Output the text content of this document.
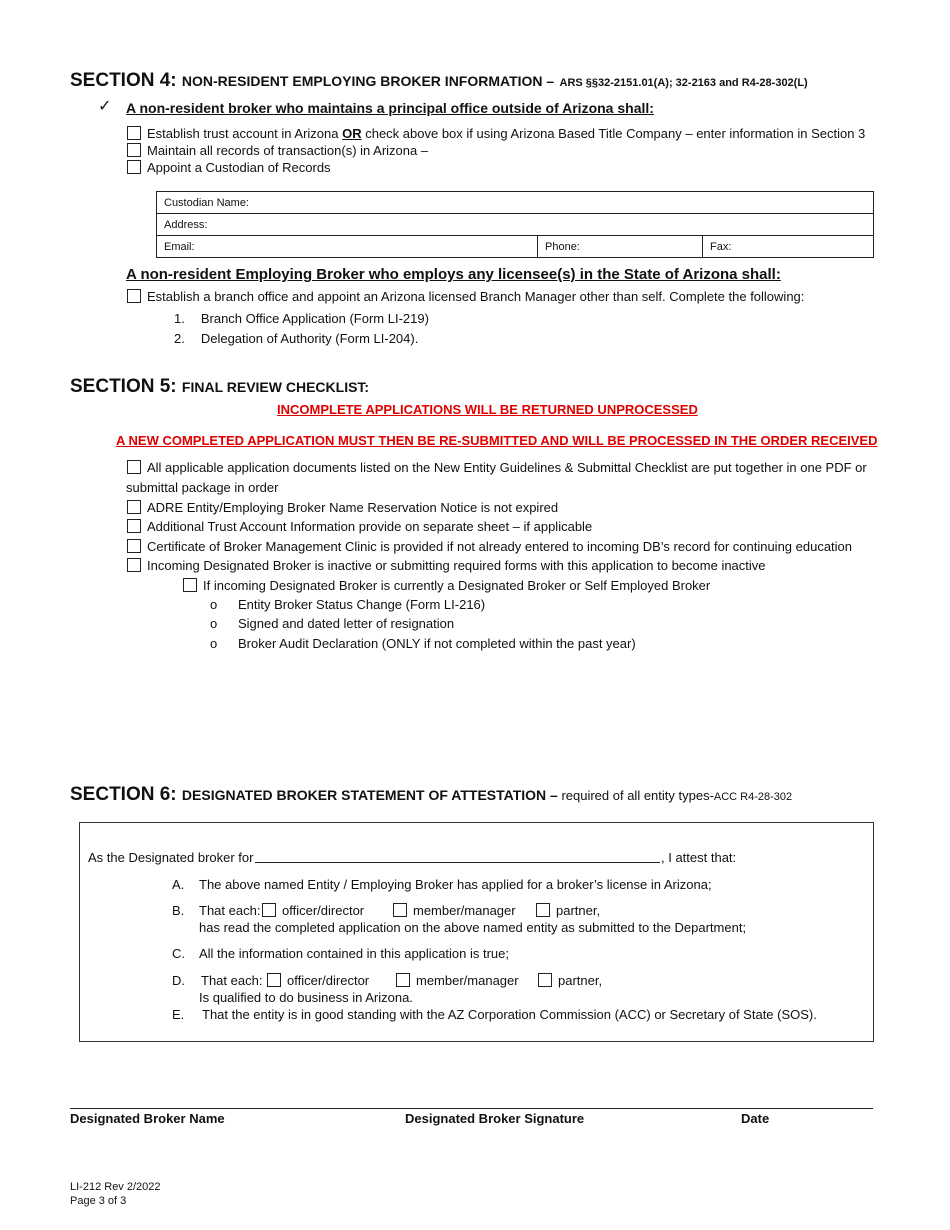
SECTION 4: NON-RESIDENT EMPLOYING BROKER INFORMATION – ARS §§32-2151.01(A); 32-2163 and R4-28-302(L)
✓ A non-resident broker who maintains a principal office outside of Arizona shall:
Establish trust account in Arizona OR check above box if using Arizona Based Title Company – enter information in Section 3
Maintain all records of transaction(s) in Arizona –
Appoint a Custodian of Records
Custodian Name:
Address:
Email:	Phone:	Fax:
A non-resident Employing Broker who employs any licensee(s) in the State of Arizona shall:
Establish a branch office and appoint an Arizona licensed Branch Manager other than self. Complete the following:
1. Branch Office Application (Form LI-219)
2. Delegation of Authority (Form LI-204).
SECTION 5: FINAL REVIEW CHECKLIST:
INCOMPLETE APPLICATIONS WILL BE RETURNED UNPROCESSED
A NEW COMPLETED APPLICATION MUST THEN BE RE-SUBMITTED AND WILL BE PROCESSED IN THE ORDER RECEIVED
All applicable application documents listed on the New Entity Guidelines & Submittal Checklist are put together in one PDF or
submittal package in order
ADRE Entity/Employing Broker Name Reservation Notice is not expired
Additional Trust Account Information provide on separate sheet – if applicable
Certificate of Broker Management Clinic is provided if not already entered to incoming DB’s record for continuing education
Incoming Designated Broker is inactive or submitting required forms with this application to become inactive
If incoming Designated Broker is currently a Designated Broker or Self Employed Broker
o Entity Broker Status Change (Form LI-216)
o Signed and dated letter of resignation
o Broker Audit Declaration (ONLY if not completed within the past year)
SECTION 6: DESIGNATED BROKER STATEMENT OF ATTESTATION – required of all entity types-ACC R4-28-302
As the Designated broker for	, I attest that:
A. The above named Entity / Employing Broker has applied for a broker’s license in Arizona;
B. That each:	officer/director	member/manager	partner,
has read the completed application on the above named entity as submitted to the Department;
C. All the information contained in this application is true;
D. That each:	officer/director	member/manager	partner,
Is qualified to do business in Arizona.
E. That the entity is in good standing with the AZ Corporation Commission (ACC) or Secretary of State (SOS).
Designated Broker Name	Designated Broker Signature	Date
LI-212 Rev 2/2022
Page 3 of 3
